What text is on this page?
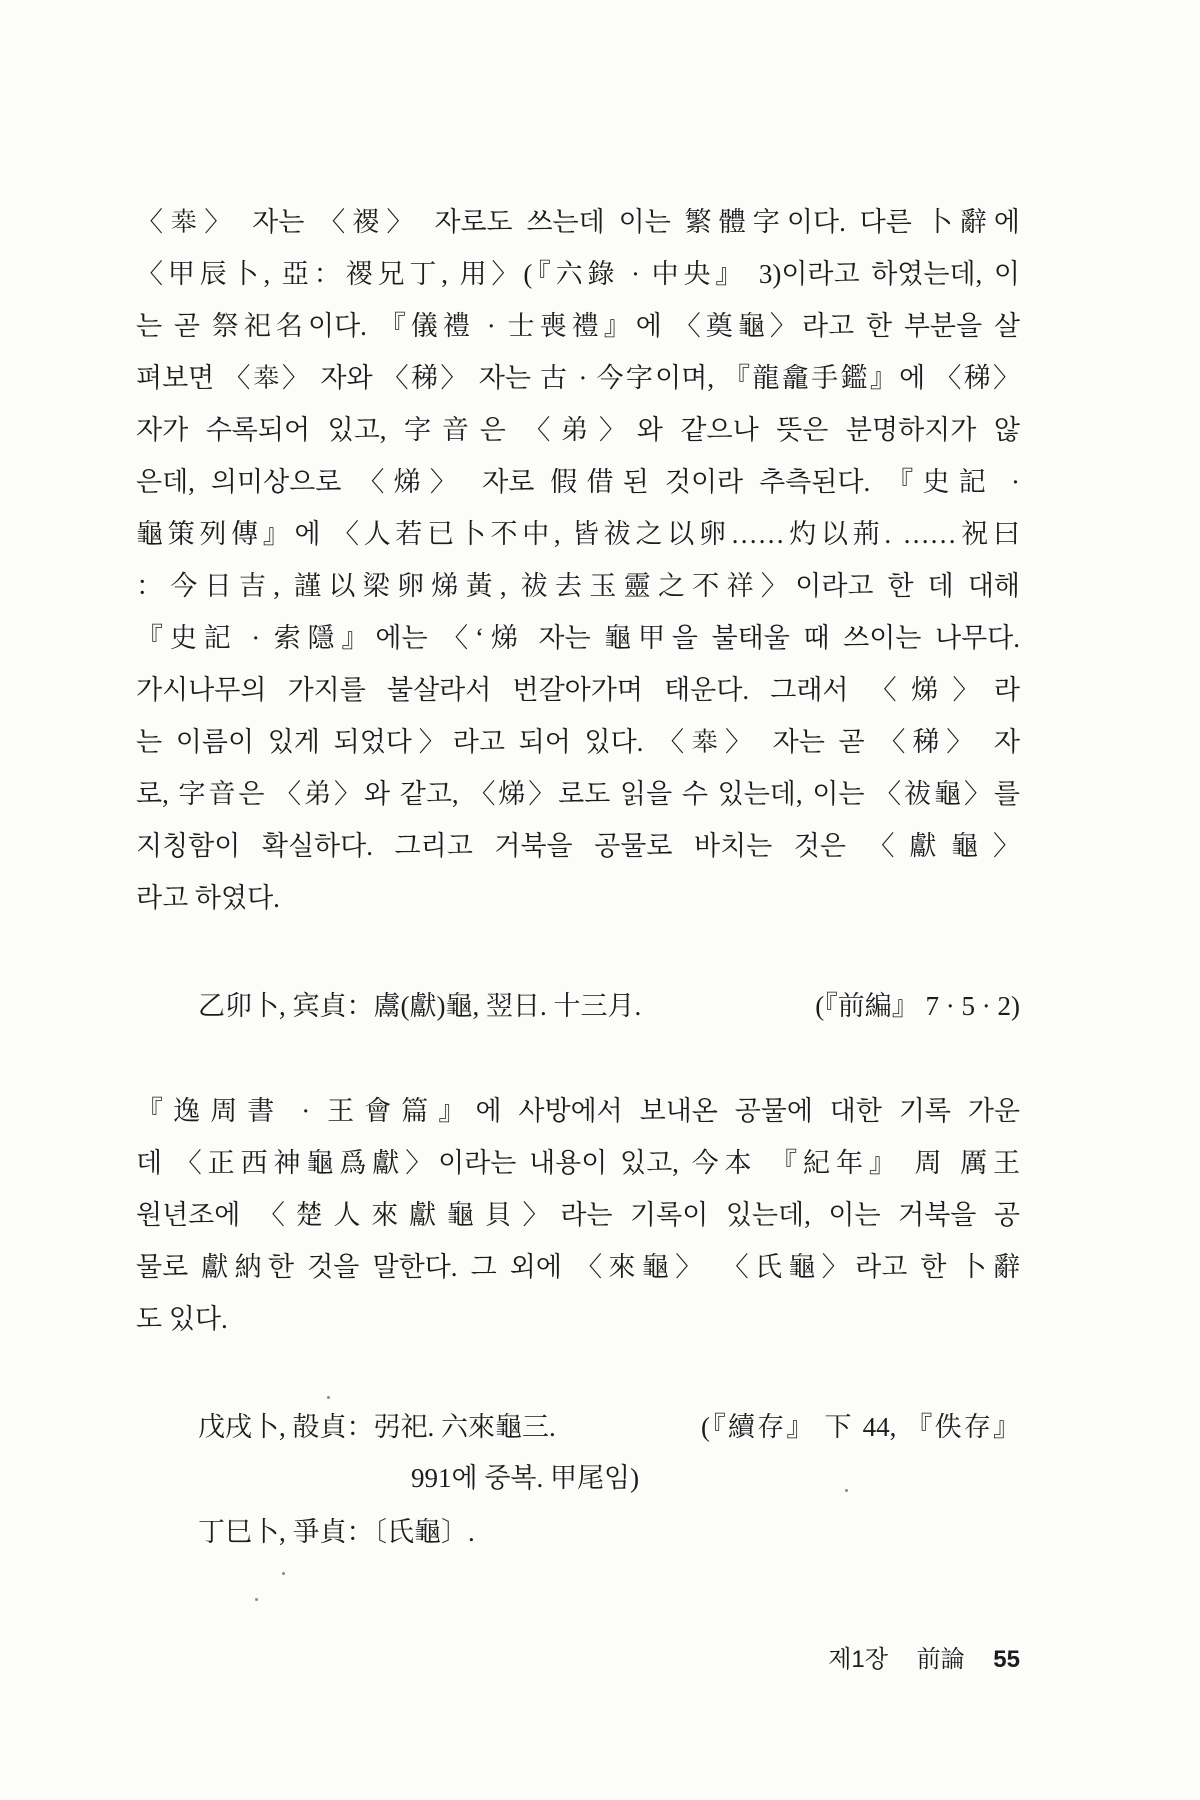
〈𠦪〉 자는 〈禝〉 자로도 쓰는데 이는 繁體字이다. 다른 卜辭에
〈甲辰卜, 亞：禝兄丁, 用〉(『六錄 · 中央』 3)이라고 하였는데, 이
는 곧 祭祀名이다. 『儀禮 · 士喪禮』에 〈奠龜〉라고 한 부분을 살
펴보면 〈𠦪〉 자와 〈稊〉 자는 古 · 今字이며, 『龍龕手鑑』에 〈稊〉
자가 수록되어 있고, 字音은 〈弟〉와 같으나 뜻은 분명하지가 않
은데, 의미상으로 〈焍〉 자로 假借된 것이라 추측된다. 『史記 ·
龜策列傳』에 〈人若已卜不中, 皆祓之以卵……灼以荊. ……祝曰
：今日吉, 謹以梁卵焍黃, 祓去玉靈之不祥〉이라고 한 데 대해
『史記 · 索隱』에는 〈‘焍 자는 龜甲을 불태울 때 쓰이는 나무다.
가시나무의 가지를 불살라서 번갈아가며 태운다. 그래서 〈焍〉라
는 이름이 있게 되었다〉라고 되어 있다. 〈𠦪〉 자는 곧 〈稊〉 자
로, 字音은 〈弟〉와 같고, 〈焍〉로도 읽을 수 있는데, 이는 〈祓龜〉를
지칭함이 확실하다. 그리고 거북을 공물로 바치는 것은 〈獻龜〉
라고 하였다.
乙卯卜, 宾貞：鬳(獻)龜, 翌日. 十三月.	(『前編』 7 · 5 · 2)
『逸周書 · 王會篇』에 사방에서 보내온 공물에 대한 기록 가운
데 〈正西神龜爲獻〉이라는 내용이 있고, 今本 『紀年』 周 厲王
원년조에 〈楚人來獻龜貝〉라는 기록이 있는데, 이는 거북을 공
물로 獻納한 것을 말한다. 그 외에 〈來龜〉 〈氏龜〉라고 한 卜辭
도 있다.
戊戌卜, 㱿貞：弜祀. 六來龜三.	(『續存』 下 44, 『佚存』
991에 중복. 甲尾임)
丁巳卜, 爭貞：〔氏龜〕.
제1장 前論 55
